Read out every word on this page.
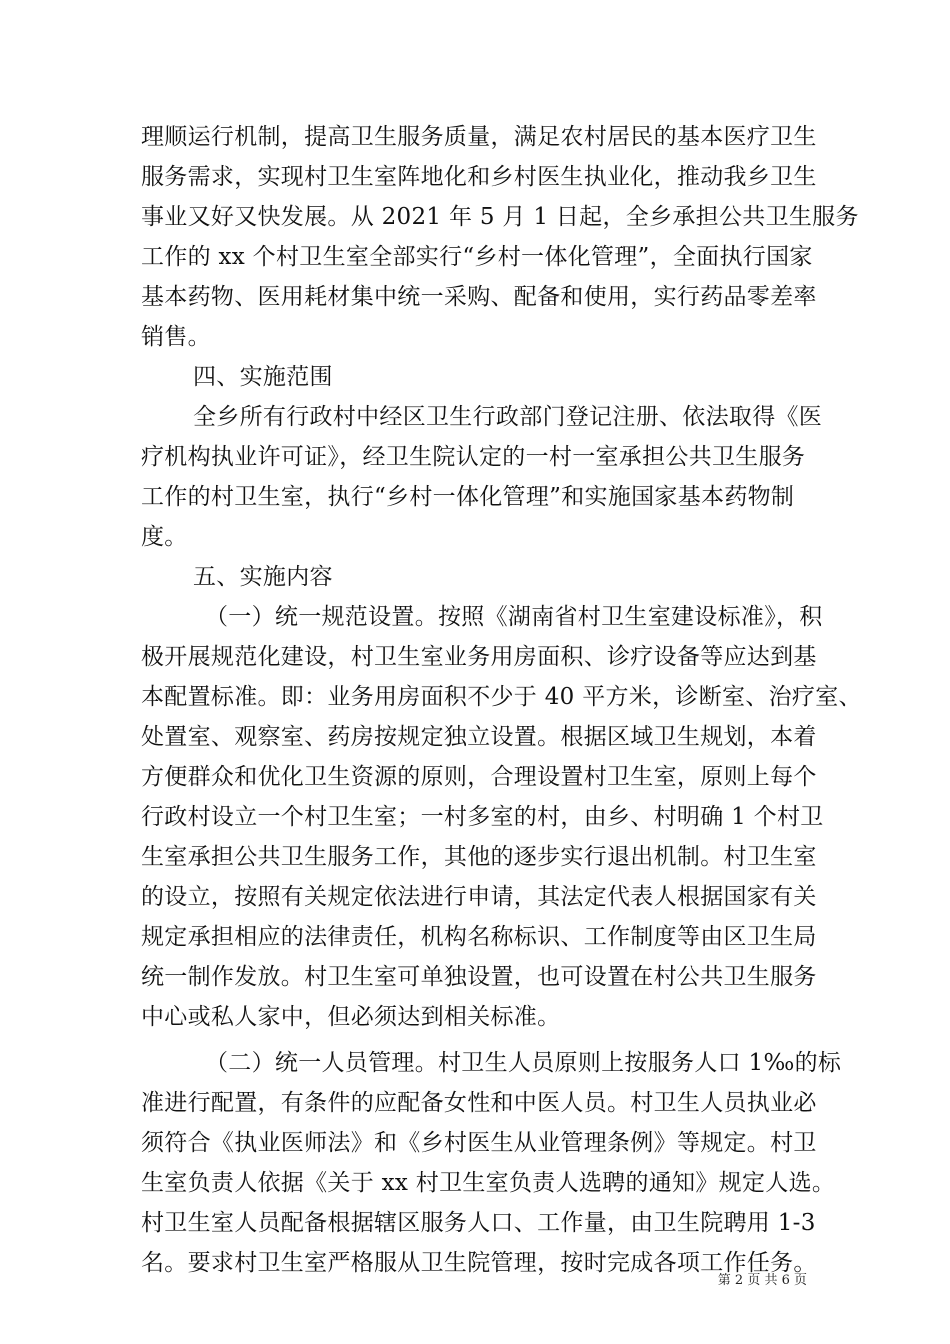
理顺运行机制，提高卫生服务质量，满足农村居民的基本医疗卫生
服务需求，实现村卫生室阵地化和乡村医生执业化，推动我乡卫生
事业又好又快发展。从 2021 年 5 月 1 日起，全乡承担公共卫生服务
工作的 xx 个村卫生室全部实行“乡村一体化管理”，全面执行国家
基本药物、医用耗材集中统一采购、配备和使用，实行药品零差率
销售。
四、实施范围
全乡所有行政村中经区卫生行政部门登记注册、依法取得《医
疗机构执业许可证》，经卫生院认定的一村一室承担公共卫生服务
工作的村卫生室，执行“乡村一体化管理”和实施国家基本药物制
度。
五、实施内容
（一）统一规范设置。按照《湖南省村卫生室建设标准》，积
极开展规范化建设，村卫生室业务用房面积、诊疗设备等应达到基
本配置标准。即：业务用房面积不少于 40 平方米，诊断室、治疗室、
处置室、观察室、药房按规定独立设置。根据区域卫生规划，本着
方便群众和优化卫生资源的原则，合理设置村卫生室，原则上每个
行政村设立一个村卫生室；一村多室的村，由乡、村明确 1 个村卫
生室承担公共卫生服务工作，其他的逐步实行退出机制。村卫生室
的设立，按照有关规定依法进行申请，其法定代表人根据国家有关
规定承担相应的法律责任，机构名称标识、工作制度等由区卫生局
统一制作发放。村卫生室可单独设置，也可设置在村公共卫生服务
中心或私人家中，但必须达到相关标准。
（二）统一人员管理。村卫生人员原则上按服务人口 1‰的标
准进行配置，有条件的应配备女性和中医人员。村卫生人员执业必
须符合《执业医师法》和《乡村医生从业管理条例》等规定。村卫
生室负责人依据《关于 xx 村卫生室负责人选聘的通知》规定人选。
村卫生室人员配备根据辖区服务人口、工作量，由卫生院聘用 1-3
名。要求村卫生室严格服从卫生院管理，按时完成各项工作任务。
第 2 页 共 6 页
